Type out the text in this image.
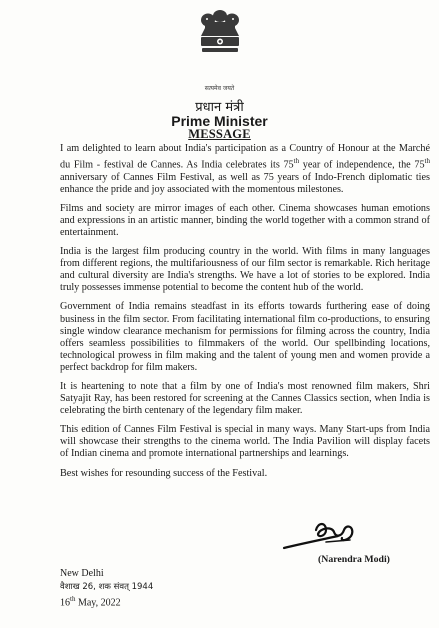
सत्यमेव जयते
प्रधान मंत्री
Prime Minister
MESSAGE

I am delighted to learn about India's participation as a Country of Honour at the Marché du Film - festival de Cannes. As India celebrates its 75th year of independence, the 75th anniversary of Cannes Film Festival, as well as 75 years of Indo-French diplomatic ties enhance the pride and joy associated with the momentous milestones.

Films and society are mirror images of each other. Cinema showcases human emotions and expressions in an artistic manner, binding the world together with a common strand of entertainment.

India is the largest film producing country in the world. With films in many languages from different regions, the multifariousness of our film sector is remarkable. Rich heritage and cultural diversity are India's strengths. We have a lot of stories to be explored. India truly possesses immense potential to become the content hub of the world.

Government of India remains steadfast in its efforts towards furthering ease of doing business in the film sector. From facilitating international film co-productions, to ensuring single window clearance mechanism for permissions for filming across the country, India offers seamless possibilities to filmmakers of the world. Our spellbinding locations, technological prowess in film making and the talent of young men and women provide a perfect backdrop for film makers.

It is heartening to note that a film by one of India's most renowned film makers, Shri Satyajit Ray, has been restored for screening at the Cannes Classics section, when India is celebrating the birth centenary of the legendary film maker.

This edition of Cannes Film Festival is special in many ways. Many Start-ups from India will showcase their strengths to the cinema world. The India Pavilion will display facets of Indian cinema and promote international partnerships and learnings.

Best wishes for resounding success of the Festival.

(Narendra Modi)
New Delhi
वैशाख 26, शक संवत् 1944
16th May, 2022
